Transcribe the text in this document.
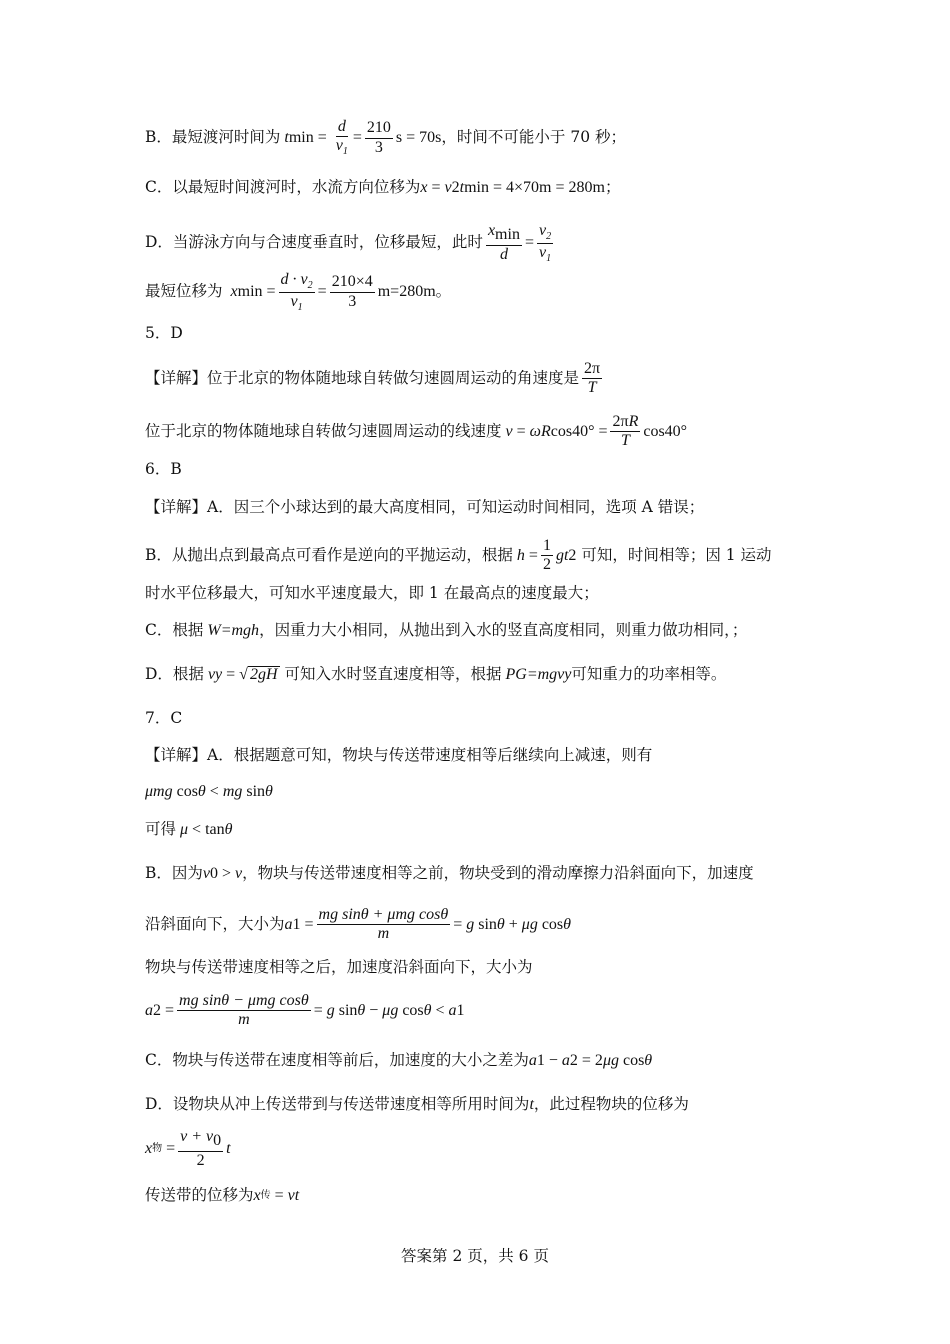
B．最短渡河时间为 t $\min = \frac{d}{v_1} = \frac{210}{3}$ s = 70s ，时间不可能小于 70 秒；
C．以最短时间渡河时，水流方向位移为 x = v 2 t min = 4×70m = 280m ；
D．当游泳方向与合速度垂直时，位移最短，此时 $\frac{x_{min}}{d} = \frac{v_2}{v_1}$
最短位移为 x $\min = \frac{d \cdot v_2}{v_1} = \frac{210\times 4}{3} m=280m$ 。
5．D
【详解】位于北京的物体随地球自转做匀速圆周运动的角速度是 $\frac{2\pi}{T}$
位于北京的物体随地球自转做匀速圆周运动的线速度 v = ωR $\cos 40^\circ = \frac{2\pi R}{T} \cos 40^\circ$
6．B
【详解】A．因三个小球达到的最大高度相同，可知运动时间相同，选项 A 错误；
B．从抛出点到最高点可看作是逆向的平抛运动，根据 $h = \frac{1}{2}$ gt 2
可知，时间相等；因 1 运动
时水平位移最大，可知水平速度最大，即 1 在最高点的速度最大；
C．根据 W=mgh ，因重力大小相同，从抛出到入水的竖直高度相同，则重力做功相同，；
D．根据 v y = √ 2gH
可知入水时竖直速度相等，根据 P G =mgv y 可知重力的功率相等。
7．C
【详解】A．根据题意可知，物块与传送带速度相等后继续向上减速，则有
μmg cos θ < mg sin θ
可得 μ < tan θ
B．因为 v 0 > v ，物块与传送带速度相等之前，物块受到的滑动摩擦力沿斜面向下，加速度
沿斜面向下，大小为 a $1 = \frac{\text{mg sinθ + μmg cosθ}}{m} = g$ sin θ + μg cos θ
物块与传送带速度相等之后，加速度沿斜面向下，大小为
a $2 = \frac{\text{mg sinθ − μmg cosθ}}{m} = g$ sin θ − μg cos θ < a 1
C．物块与传送带在速度相等前后，加速度的大小之差为 a 1 − a 2 = 2 μg cos θ
D．设物块从冲上传送带到与传送带速度相等所用时间为 t ，此过程物块的位移为
x 物 = $\frac{v + v_0}{2}$ t
传送带的位移为 x 传 = vt
答案第 2 页，共 6 页
